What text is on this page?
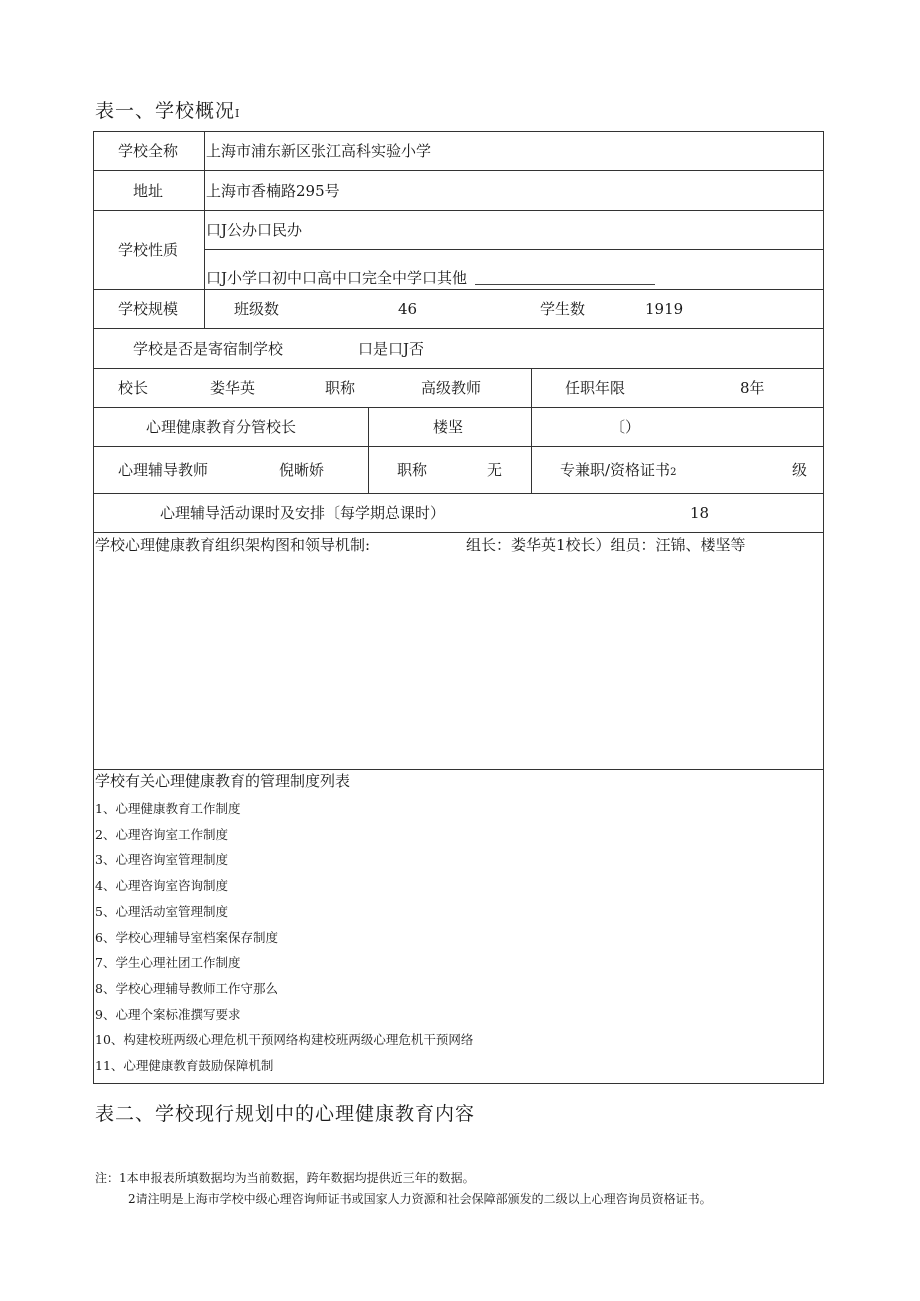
表一、学校概况I
学校全称 上海市浦东新区张江高科实验小学
地址	上海市香楠路295号
学校性质
口J公办口民办
口J小学口初中口高中口完全中学口其他
学校规模	班级数	46	学生数	1919
学校是否是寄宿制学校	口是口J否
校长	娄华英	职称	高级教师	任职年限	8年
心理健康教育分管校长	楼坚	〔）
心理辅导教师	倪晰娇	职称	无	专兼职/资格证书2	级
心理辅导活动课时及安排〔每学期总课时）	18
学校心理健康教育组织架构图和领导机制:	组长：娄华英1校长）组员：汪锦、楼坚等
学校有关心理健康教育的管理制度列表
1、心理健康教育工作制度
2、心理咨询室工作制度
3、心理咨询室管理制度
4、心理咨询室咨询制度
5、心理活动室管理制度
6、学校心理辅导室档案保存制度
7、学生心理社团工作制度
8、学校心理辅导教师工作守那么
9、心理个案标准撰写要求
10、构建校班两级心理危机干预网络构建校班两级心理危机干预网络
11、心理健康教育鼓励保障机制
表二、学校现行规划中的心理健康教育内容
注：1本申报表所填数据均为当前数据，跨年数据均提供近三年的数据。
2请注明是上海市学校中级心理咨询师证书或国家人力资源和社会保障部颁发的二级以上心理咨询员资格证书。
